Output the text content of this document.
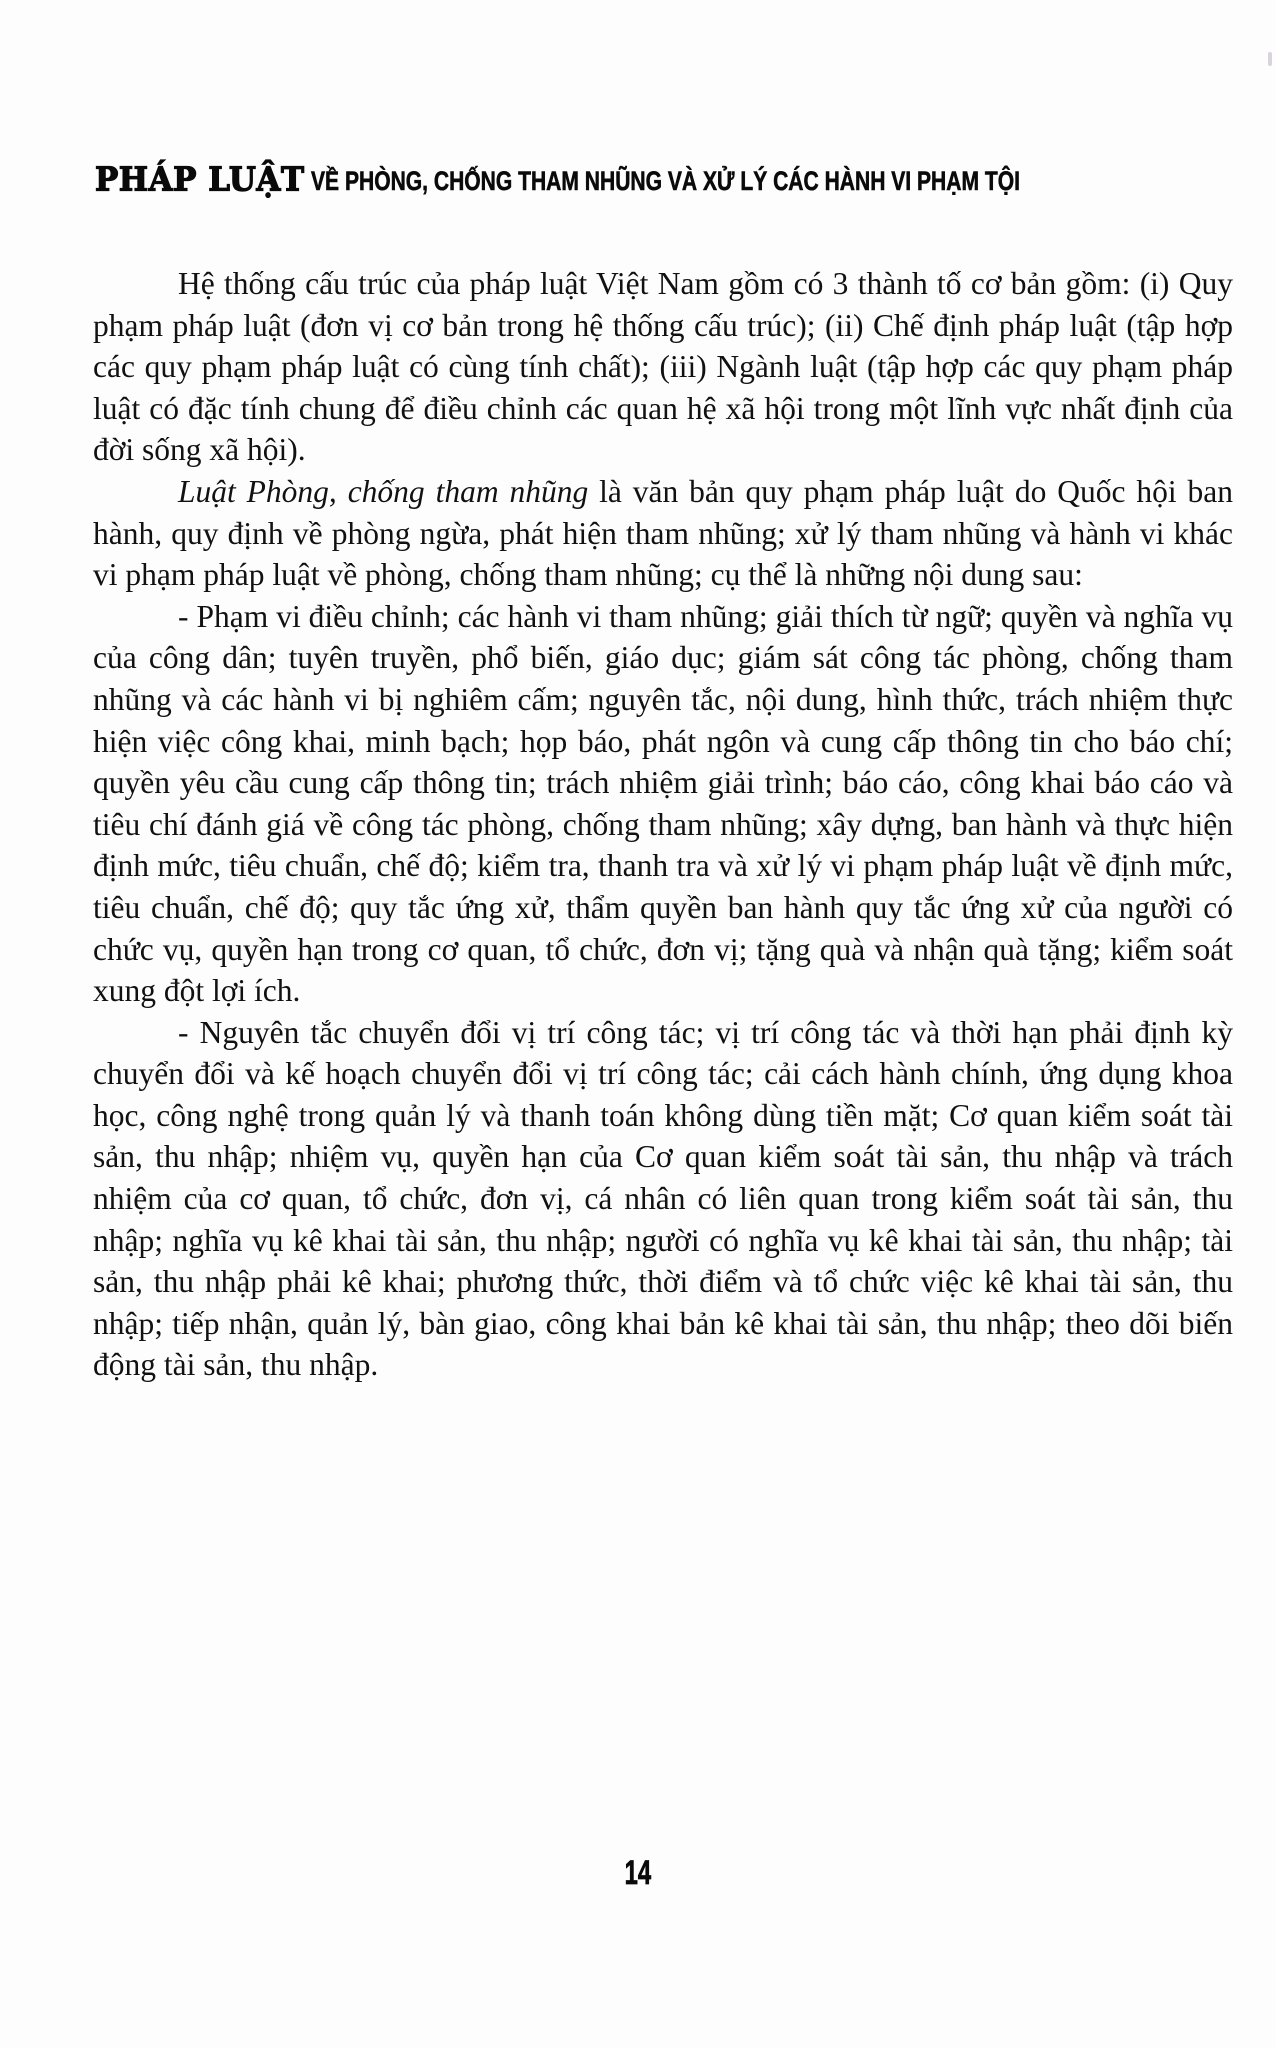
PHÁP LUẬT VỀ PHÒNG, CHỐNG THAM NHŨNG VÀ XỬ LÝ CÁC HÀNH VI PHẠM TỘI

Hệ thống cấu trúc của pháp luật Việt Nam gồm có 3 thành tố cơ bản gồm: (i) Quy phạm pháp luật (đơn vị cơ bản trong hệ thống cấu trúc); (ii) Chế định pháp luật (tập hợp các quy phạm pháp luật có cùng tính chất); (iii) Ngành luật (tập hợp các quy phạm pháp luật có đặc tính chung để điều chỉnh các quan hệ xã hội trong một lĩnh vực nhất định của đời sống xã hội).

Luật Phòng, chống tham nhũng là văn bản quy phạm pháp luật do Quốc hội ban hành, quy định về phòng ngừa, phát hiện tham nhũng; xử lý tham nhũng và hành vi khác vi phạm pháp luật về phòng, chống tham nhũng; cụ thể là những nội dung sau:

- Phạm vi điều chỉnh; các hành vi tham nhũng; giải thích từ ngữ; quyền và nghĩa vụ của công dân; tuyên truyền, phổ biến, giáo dục; giám sát công tác phòng, chống tham nhũng và các hành vi bị nghiêm cấm; nguyên tắc, nội dung, hình thức, trách nhiệm thực hiện việc công khai, minh bạch; họp báo, phát ngôn và cung cấp thông tin cho báo chí; quyền yêu cầu cung cấp thông tin; trách nhiệm giải trình; báo cáo, công khai báo cáo và tiêu chí đánh giá về công tác phòng, chống tham nhũng; xây dựng, ban hành và thực hiện định mức, tiêu chuẩn, chế độ; kiểm tra, thanh tra và xử lý vi phạm pháp luật về định mức, tiêu chuẩn, chế độ; quy tắc ứng xử, thẩm quyền ban hành quy tắc ứng xử của người có chức vụ, quyền hạn trong cơ quan, tổ chức, đơn vị; tặng quà và nhận quà tặng; kiểm soát xung đột lợi ích.

- Nguyên tắc chuyển đổi vị trí công tác; vị trí công tác và thời hạn phải định kỳ chuyển đổi và kế hoạch chuyển đổi vị trí công tác; cải cách hành chính, ứng dụng khoa học, công nghệ trong quản lý và thanh toán không dùng tiền mặt; Cơ quan kiểm soát tài sản, thu nhập; nhiệm vụ, quyền hạn của Cơ quan kiểm soát tài sản, thu nhập và trách nhiệm của cơ quan, tổ chức, đơn vị, cá nhân có liên quan trong kiểm soát tài sản, thu nhập; nghĩa vụ kê khai tài sản, thu nhập; người có nghĩa vụ kê khai tài sản, thu nhập; tài sản, thu nhập phải kê khai; phương thức, thời điểm và tổ chức việc kê khai tài sản, thu nhập; tiếp nhận, quản lý, bàn giao, công khai bản kê khai tài sản, thu nhập; theo dõi biến động tài sản, thu nhập.

14
